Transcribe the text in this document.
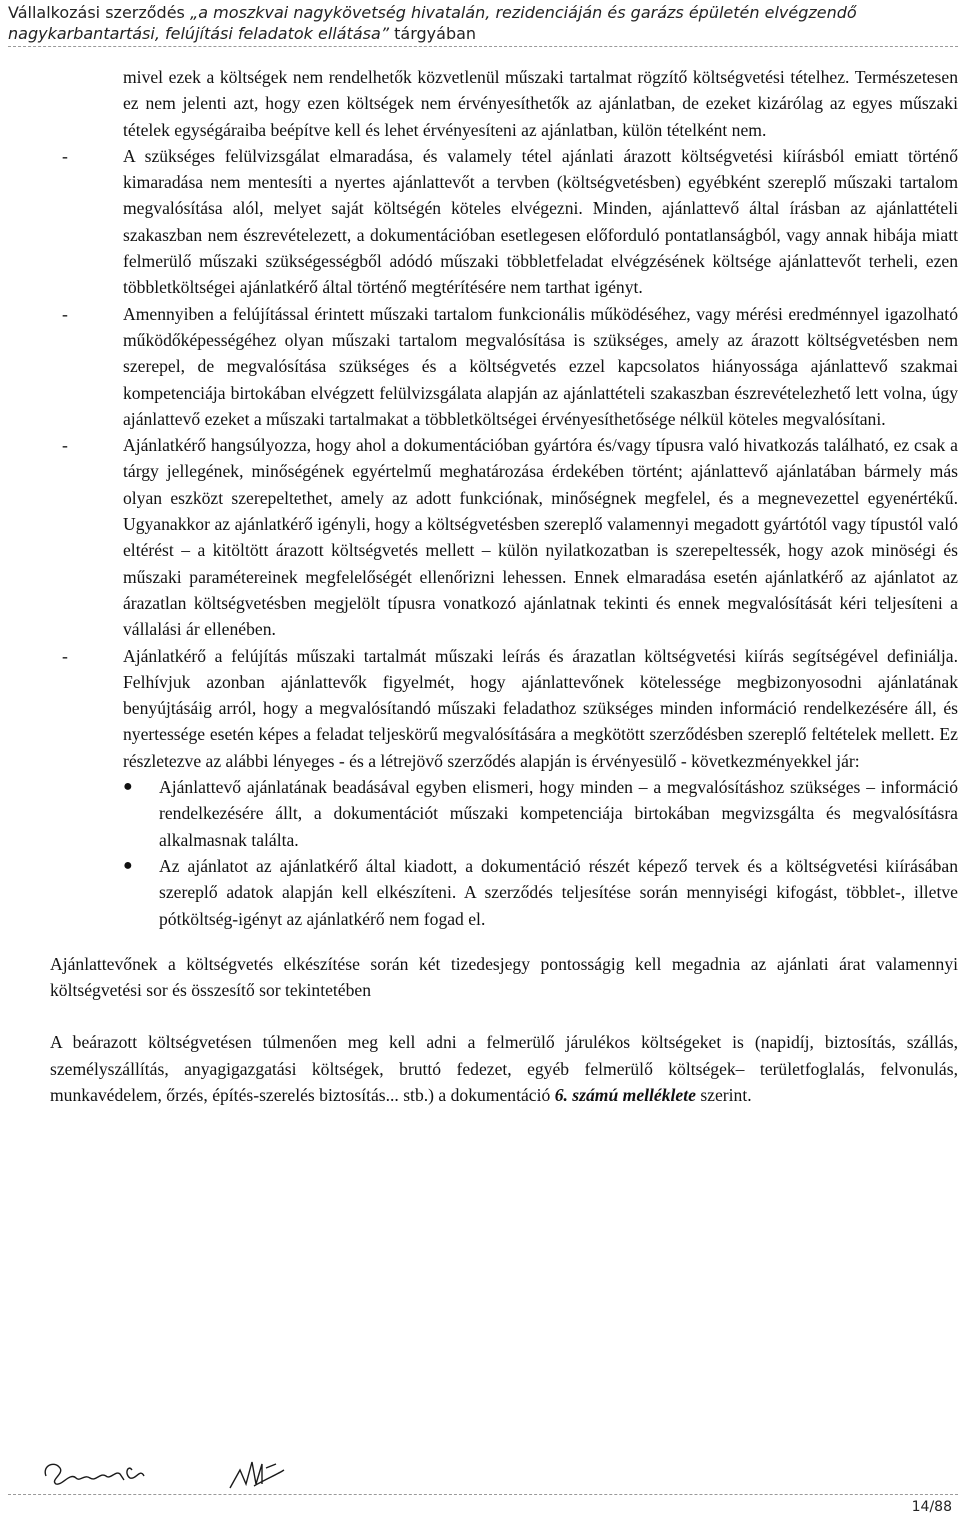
Vállalkozási szerződés „a moszkvai nagykövetség hivatalán, rezidenciáján és garázs épületén elvégzendő
nagykarbantartási, felújítási feladatok ellátása” tárgyában

mivel ezek a költségek nem rendelhetők közvetlenül műszaki tartalmat rögzítő költségvetési tételhez. Természetesen ez nem jelenti azt, hogy ezen költségek nem érvényesíthetők az ajánlatban, de ezeket kizárólag az egyes műszaki tételek egységáraiba beépítve kell és lehet érvényesíteni az ajánlatban, külön tételként nem.

-	A szükséges felülvizsgálat elmaradása, és valamely tétel ajánlati árazott költségvetési kiírásból emiatt történő kimaradása nem mentesíti a nyertes ajánlattevőt a tervben (költségvetésben) egyébként szereplő műszaki tartalom megvalósítása alól, melyet saját költségén köteles elvégezni. Minden, ajánlattevő által írásban az ajánlattételi szakaszban nem észrevételezett, a dokumentációban esetlegesen előforduló pontatlanságból, vagy annak hibája miatt felmerülő műszaki szükségességből adódó műszaki többletfeladat elvégzésének költsége ajánlattevőt terheli, ezen többletköltségei ajánlatkérő által történő megtérítésére nem tarthat igényt.
-	Amennyiben a felújítással érintett műszaki tartalom funkcionális működéséhez, vagy mérési eredménnyel igazolható működőképességéhez olyan műszaki tartalom megvalósítása is szükséges, amely az árazott költségvetésben nem szerepel, de megvalósítása szükséges és a költségvetés ezzel kapcsolatos hiányossága ajánlattevő szakmai kompetenciája birtokában elvégzett felülvizsgálata alapján az ajánlattételi szakaszban észrevételezhető lett volna, úgy ajánlattevő ezeket a műszaki tartalmakat a többletköltségei érvényesíthetősége nélkül köteles megvalósítani.
-	Ajánlatkérő hangsúlyozza, hogy ahol a dokumentációban gyártóra és/vagy típusra való hivatkozás található, ez csak a tárgy jellegének, minőségének egyértelmű meghatározása érdekében történt; ajánlattevő ajánlatában bármely más olyan eszközt szerepeltethet, amely az adott funkciónak, minőségnek megfelel, és a megnevezettel egyenértékű. Ugyanakkor az ajánlatkérő igényli, hogy a költségvetésben szereplő valamennyi megadott gyártótól vagy típustól való eltérést – a kitöltött árazott költségvetés mellett – külön nyilatkozatban is szerepeltessék, hogy azok minöségi és műszaki paramétereinek megfelelőségét ellenőrizni lehessen. Ennek elmaradása esetén ajánlatkérő az ajánlatot az árazatlan költségvetésben megjelölt típusra vonatkozó ajánlatnak tekinti és ennek megvalósítását kéri teljesíteni a vállalási ár ellenében.
-	Ajánlatkérő a felújítás műszaki tartalmát műszaki leírás és árazatlan költségvetési kiírás segítségével definiálja. Felhívjuk azonban ajánlattevők figyelmét, hogy ajánlattevőnek kötelessége megbizonyosodni ajánlatának benyújtásáig arról, hogy a megvalósítandó műszaki feladathoz szükséges minden információ rendelkezésére áll, és nyertessége esetén képes a feladat teljeskörű megvalósítására a megkötött szerződésben szereplő feltételek mellett. Ez részletezve az alábbi lényeges - és a létrejövő szerződés alapján is érvényesülő - következményekkel jár:
● Ajánlattevő ajánlatának beadásával egyben elismeri, hogy minden – a megvalósításhoz szükséges – információ rendelkezésére állt, a dokumentációt műszaki kompetenciája birtokában megvizsgálta és megvalósításra alkalmasnak találta.
● Az ajánlatot az ajánlatkérő által kiadott, a dokumentáció részét képező tervek és a költségvetési kiírásában szereplő adatok alapján kell elkészíteni. A szerződés teljesítése során mennyiségi kifogást, többlet-, illetve pótköltség-igényt az ajánlatkérő nem fogad el.

Ajánlattevőnek a költségvetés elkészítése során két tizedesjegy pontosságig kell megadnia az ajánlati árat valamennyi költségvetési sor és összesítő sor tekintetében

A beárazott költségvetésen túlmenően meg kell adni a felmerülő járulékos költségeket is (napidíj, biztosítás, szállás, személyszállítás, anyagigazgatási költségek, bruttó fedezet, egyéb felmerülő költségek– területfoglalás, felvonulás, munkavédelem, őrzés, építés-szerelés biztosítás... stb.) a dokumentáció 6. számú melléklete szerint.

14/88
